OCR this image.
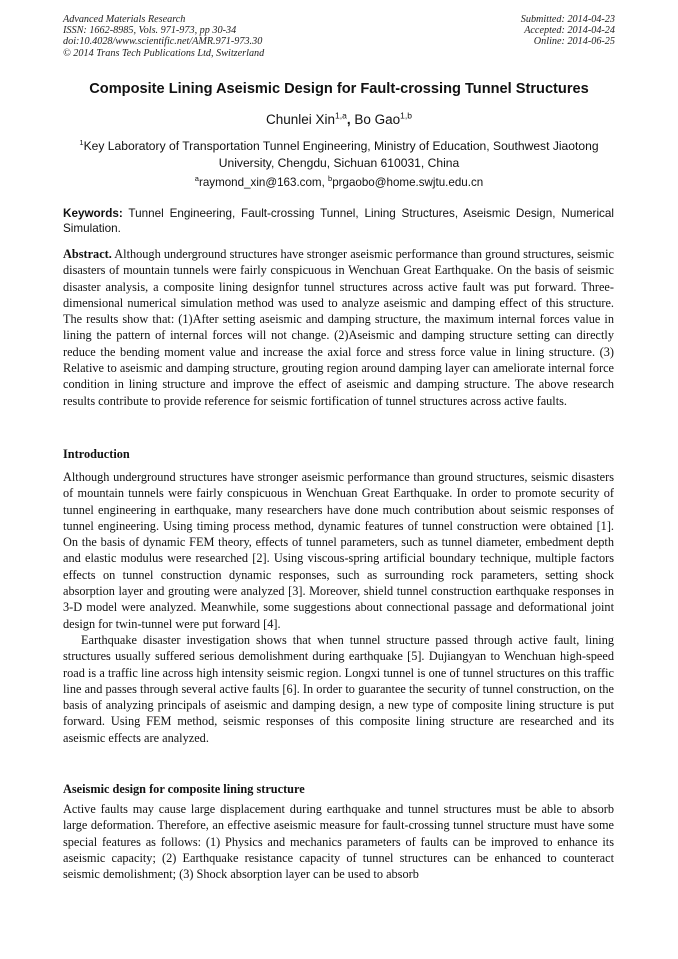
Advanced Materials Research
ISSN: 1662-8985, Vols. 971-973, pp 30-34
doi:10.4028/www.scientific.net/AMR.971-973.30
© 2014 Trans Tech Publications Ltd, Switzerland
Submitted: 2014-04-23
Accepted: 2014-04-24
Online: 2014-06-25
Composite Lining Aseismic Design for Fault-crossing Tunnel Structures
Chunlei Xin$^{1,a}$, Bo Gao$^{1,b}$
$^1$Key Laboratory of Transportation Tunnel Engineering, Ministry of Education, Southwest Jiaotong University, Chengdu, Sichuan 610031, China
$^a$raymond_xin@163.com, $^b$prgaobo@home.swjtu.edu.cn
Keywords: Tunnel Engineering, Fault-crossing Tunnel, Lining Structures, Aseismic Design, Numerical Simulation.
Abstract. Although underground structures have stronger aseismic performance than ground structures, seismic disasters of mountain tunnels were fairly conspicuous in Wenchuan Great Earthquake. On the basis of seismic disaster analysis, a composite lining designfor tunnel structures across active fault was put forward. Three-dimensional numerical simulation method was used to analyze aseismic and damping effect of this structure. The results show that: (1)After setting aseismic and damping structure, the maximum internal forces value in lining the pattern of internal forces will not change. (2)Aseismic and damping structure setting can directly reduce the bending moment value and increase the axial force and stress force value in lining structure. (3) Relative to aseismic and damping structure, grouting region around damping layer can ameliorate internal force condition in lining structure and improve the effect of aseismic and damping structure. The above research results contribute to provide reference for seismic fortification of tunnel structures across active faults.
Introduction

Although underground structures have stronger aseismic performance than ground structures, seismic disasters of mountain tunnels were fairly conspicuous in Wenchuan Great Earthquake. In order to promote security of tunnel engineering in earthquake, many researchers have done much contribution about seismic responses of tunnel engineering. Using timing process method, dynamic features of tunnel construction were obtained [1]. On the basis of dynamic FEM theory, effects of tunnel parameters, such as tunnel diameter, embedment depth and elastic modulus were researched [2]. Using viscous-spring artificial boundary technique, multiple factors effects on tunnel construction dynamic responses, such as surrounding rock parameters, setting shock absorption layer and grouting were analyzed [3]. Moreover, shield tunnel construction earthquake responses in 3-D model were analyzed. Meanwhile, some suggestions about connectional passage and deformational joint design for twin-tunnel were put forward [4].

Earthquake disaster investigation shows that when tunnel structure passed through active fault, lining structures usually suffered serious demolishment during earthquake [5]. Dujiangyan to Wenchuan high-speed road is a traffic line across high intensity seismic region. Longxi tunnel is one of tunnel structures on this traffic line and passes through several active faults [6]. In order to guarantee the security of tunnel construction, on the basis of analyzing principals of aseismic and damping design, a new type of composite lining structure is put forward. Using FEM method, seismic responses of this composite lining structure are researched and its aseismic effects are analyzed.

Aseismic design for composite lining structure
Active faults may cause large displacement during earthquake and tunnel structures must be able to absorb large deformation. Therefore, an effective aseismic measure for fault-crossing tunnel structure must have some special features as follows: (1) Physics and mechanics parameters of faults can be improved to enhance its aseismic capacity; (2) Earthquake resistance capacity of tunnel structures can be enhanced to counteract seismic demolishment; (3) Shock absorption layer can be used to absorb
